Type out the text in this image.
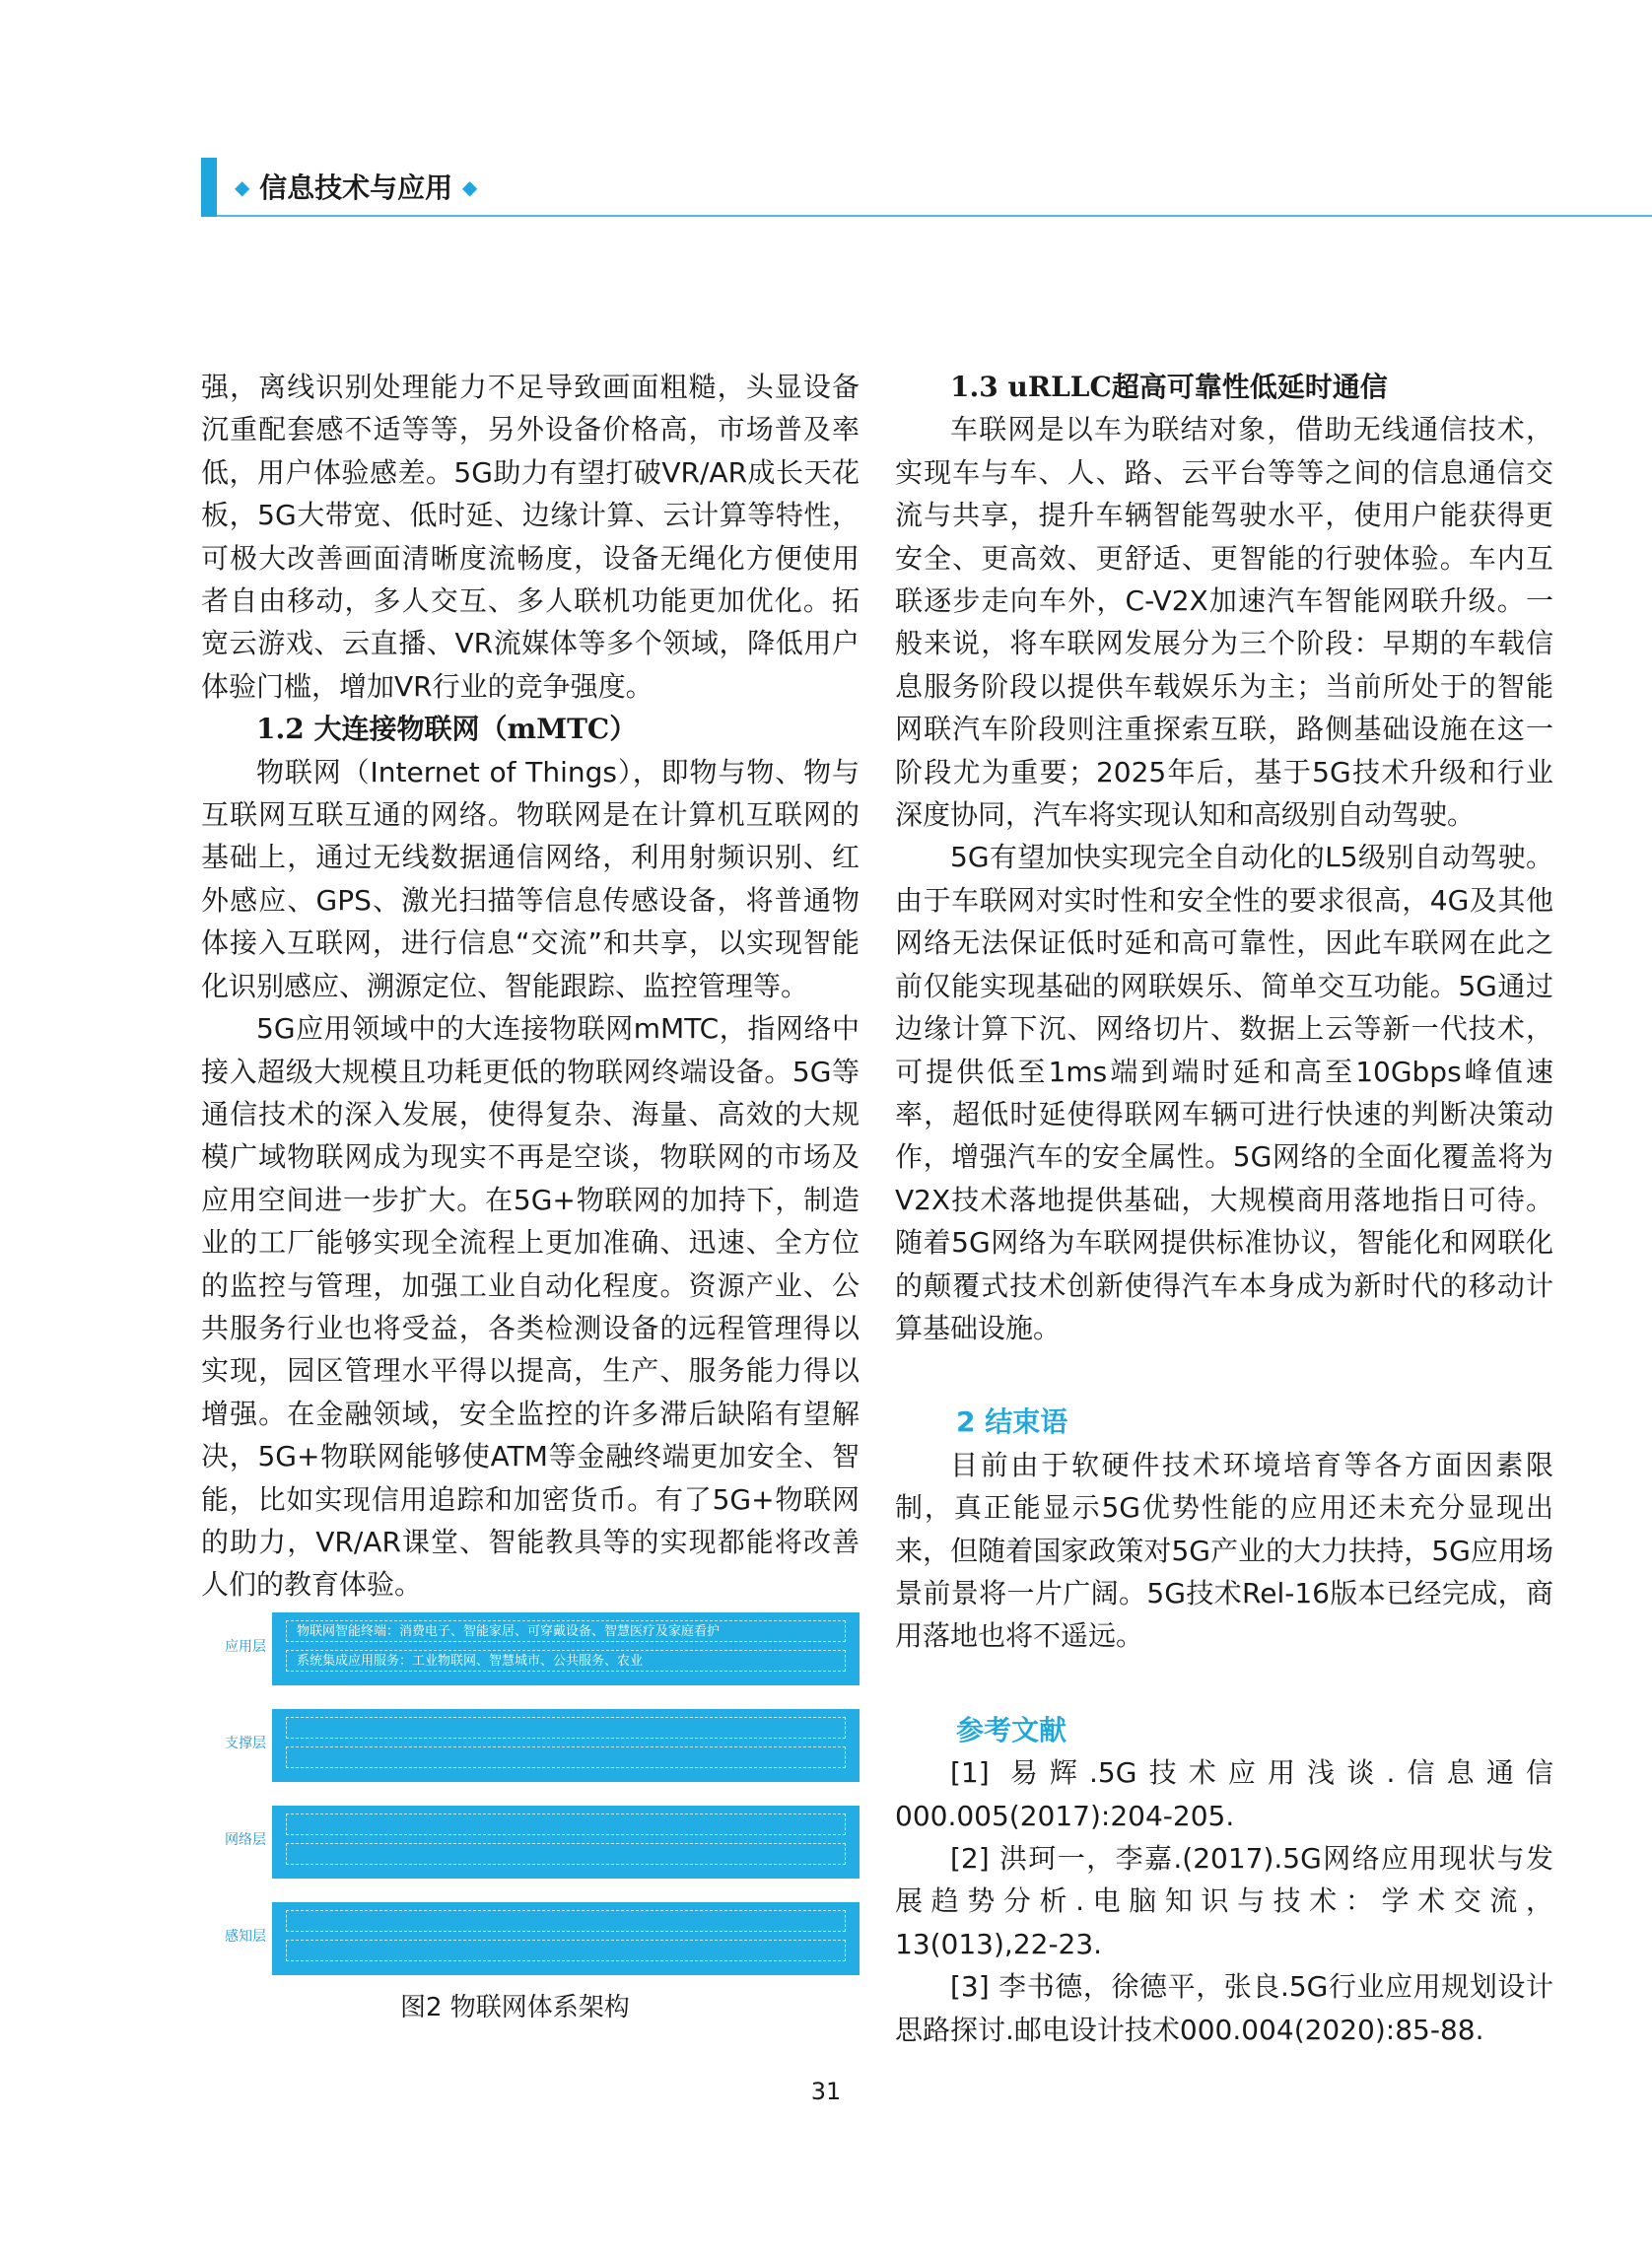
◆ 信息技术与应用 ◆

强，离线识别处理能力不足导致画面粗糙，头显设备沉重配套感不适等等，另外设备价格高，市场普及率低，用户体验感差。5G助力有望打破VR/AR成长天花板，5G大带宽、低时延、边缘计算、云计算等特性，可极大改善画面清晰度流畅度，设备无绳化方便使用者自由移动，多人交互、多人联机功能更加优化。拓宽云游戏、云直播、VR流媒体等多个领域，降低用户体验门槛，增加VR行业的竞争强度。

1.2 大连接物联网（mMTC）

物联网（Internet of Things），即物与物、物与互联网互联互通的网络。物联网是在计算机互联网的基础上，通过无线数据通信网络，利用射频识别、红外感应、GPS、激光扫描等信息传感设备，将普通物体接入互联网，进行信息“交流”和共享，以实现智能化识别感应、溯源定位、智能跟踪、监控管理等。

5G应用领域中的大连接物联网mMTC，指网络中接入超级大规模且功耗更低的物联网终端设备。5G等通信技术的深入发展，使得复杂、海量、高效的大规模广域物联网成为现实不再是空谈，物联网的市场及应用空间进一步扩大。在5G+物联网的加持下，制造业的工厂能够实现全流程上更加准确、迅速、全方位的监控与管理，加强工业自动化程度。资源产业、公共服务行业也将受益，各类检测设备的远程管理得以实现，园区管理水平得以提高，生产、服务能力得以增强。在金融领域，安全监控的许多滞后缺陷有望解决，5G+物联网能够使ATM等金融终端更加安全、智能，比如实现信用追踪和加密货币。有了5G+物联网的助力，VR/AR课堂、智能教具等的实现都能将改善人们的教育体验。

应用层
物联网智能终端：消费电子、智能家居、可穿戴设备、智慧医疗及家庭看护
系统集成应用服务：工业物联网、智慧城市、公共服务、农业
支撑层
网络层
感知层
图2 物联网体系架构

1.3 uRLLC超高可靠性低延时通信

车联网是以车为联结对象，借助无线通信技术，实现车与车、人、路、云平台等等之间的信息通信交流与共享，提升车辆智能驾驶水平，使用户能获得更安全、更高效、更舒适、更智能的行驶体验。车内互联逐步走向车外，C-V2X加速汽车智能网联升级。一般来说，将车联网发展分为三个阶段：早期的车载信息服务阶段以提供车载娱乐为主；当前所处于的智能网联汽车阶段则注重探索互联，路侧基础设施在这一阶段尤为重要；2025年后，基于5G技术升级和行业深度协同，汽车将实现认知和高级别自动驾驶。

5G有望加快实现完全自动化的L5级别自动驾驶。由于车联网对实时性和安全性的要求很高，4G及其他网络无法保证低时延和高可靠性，因此车联网在此之前仅能实现基础的网联娱乐、简单交互功能。5G通过边缘计算下沉、网络切片、数据上云等新一代技术，可提供低至1ms端到端时延和高至10Gbps峰值速率，超低时延使得联网车辆可进行快速的判断决策动作，增强汽车的安全属性。5G网络的全面化覆盖将为V2X技术落地提供基础，大规模商用落地指日可待。随着5G网络为车联网提供标准协议，智能化和网联化的颠覆式技术创新使得汽车本身成为新时代的移动计算基础设施。

2 结束语

目前由于软硬件技术环境培育等各方面因素限制，真正能显示5G优势性能的应用还未充分显现出来，但随着国家政策对5G产业的大力扶持，5G应用场景前景将一片广阔。5G技术Rel-16版本已经完成，商用落地也将不遥远。

参考文献

[1] 易辉.5G技术应用浅谈.信息通信000.005(2017):204-205.

[2] 洪珂一，李嘉.(2017).5G网络应用现状与发展趋势分析.电脑知识与技术：学术交流，13(013),22-23.

[3] 李书德，徐德平，张良.5G行业应用规划设计思路探讨.邮电设计技术000.004(2020):85-88.

31
